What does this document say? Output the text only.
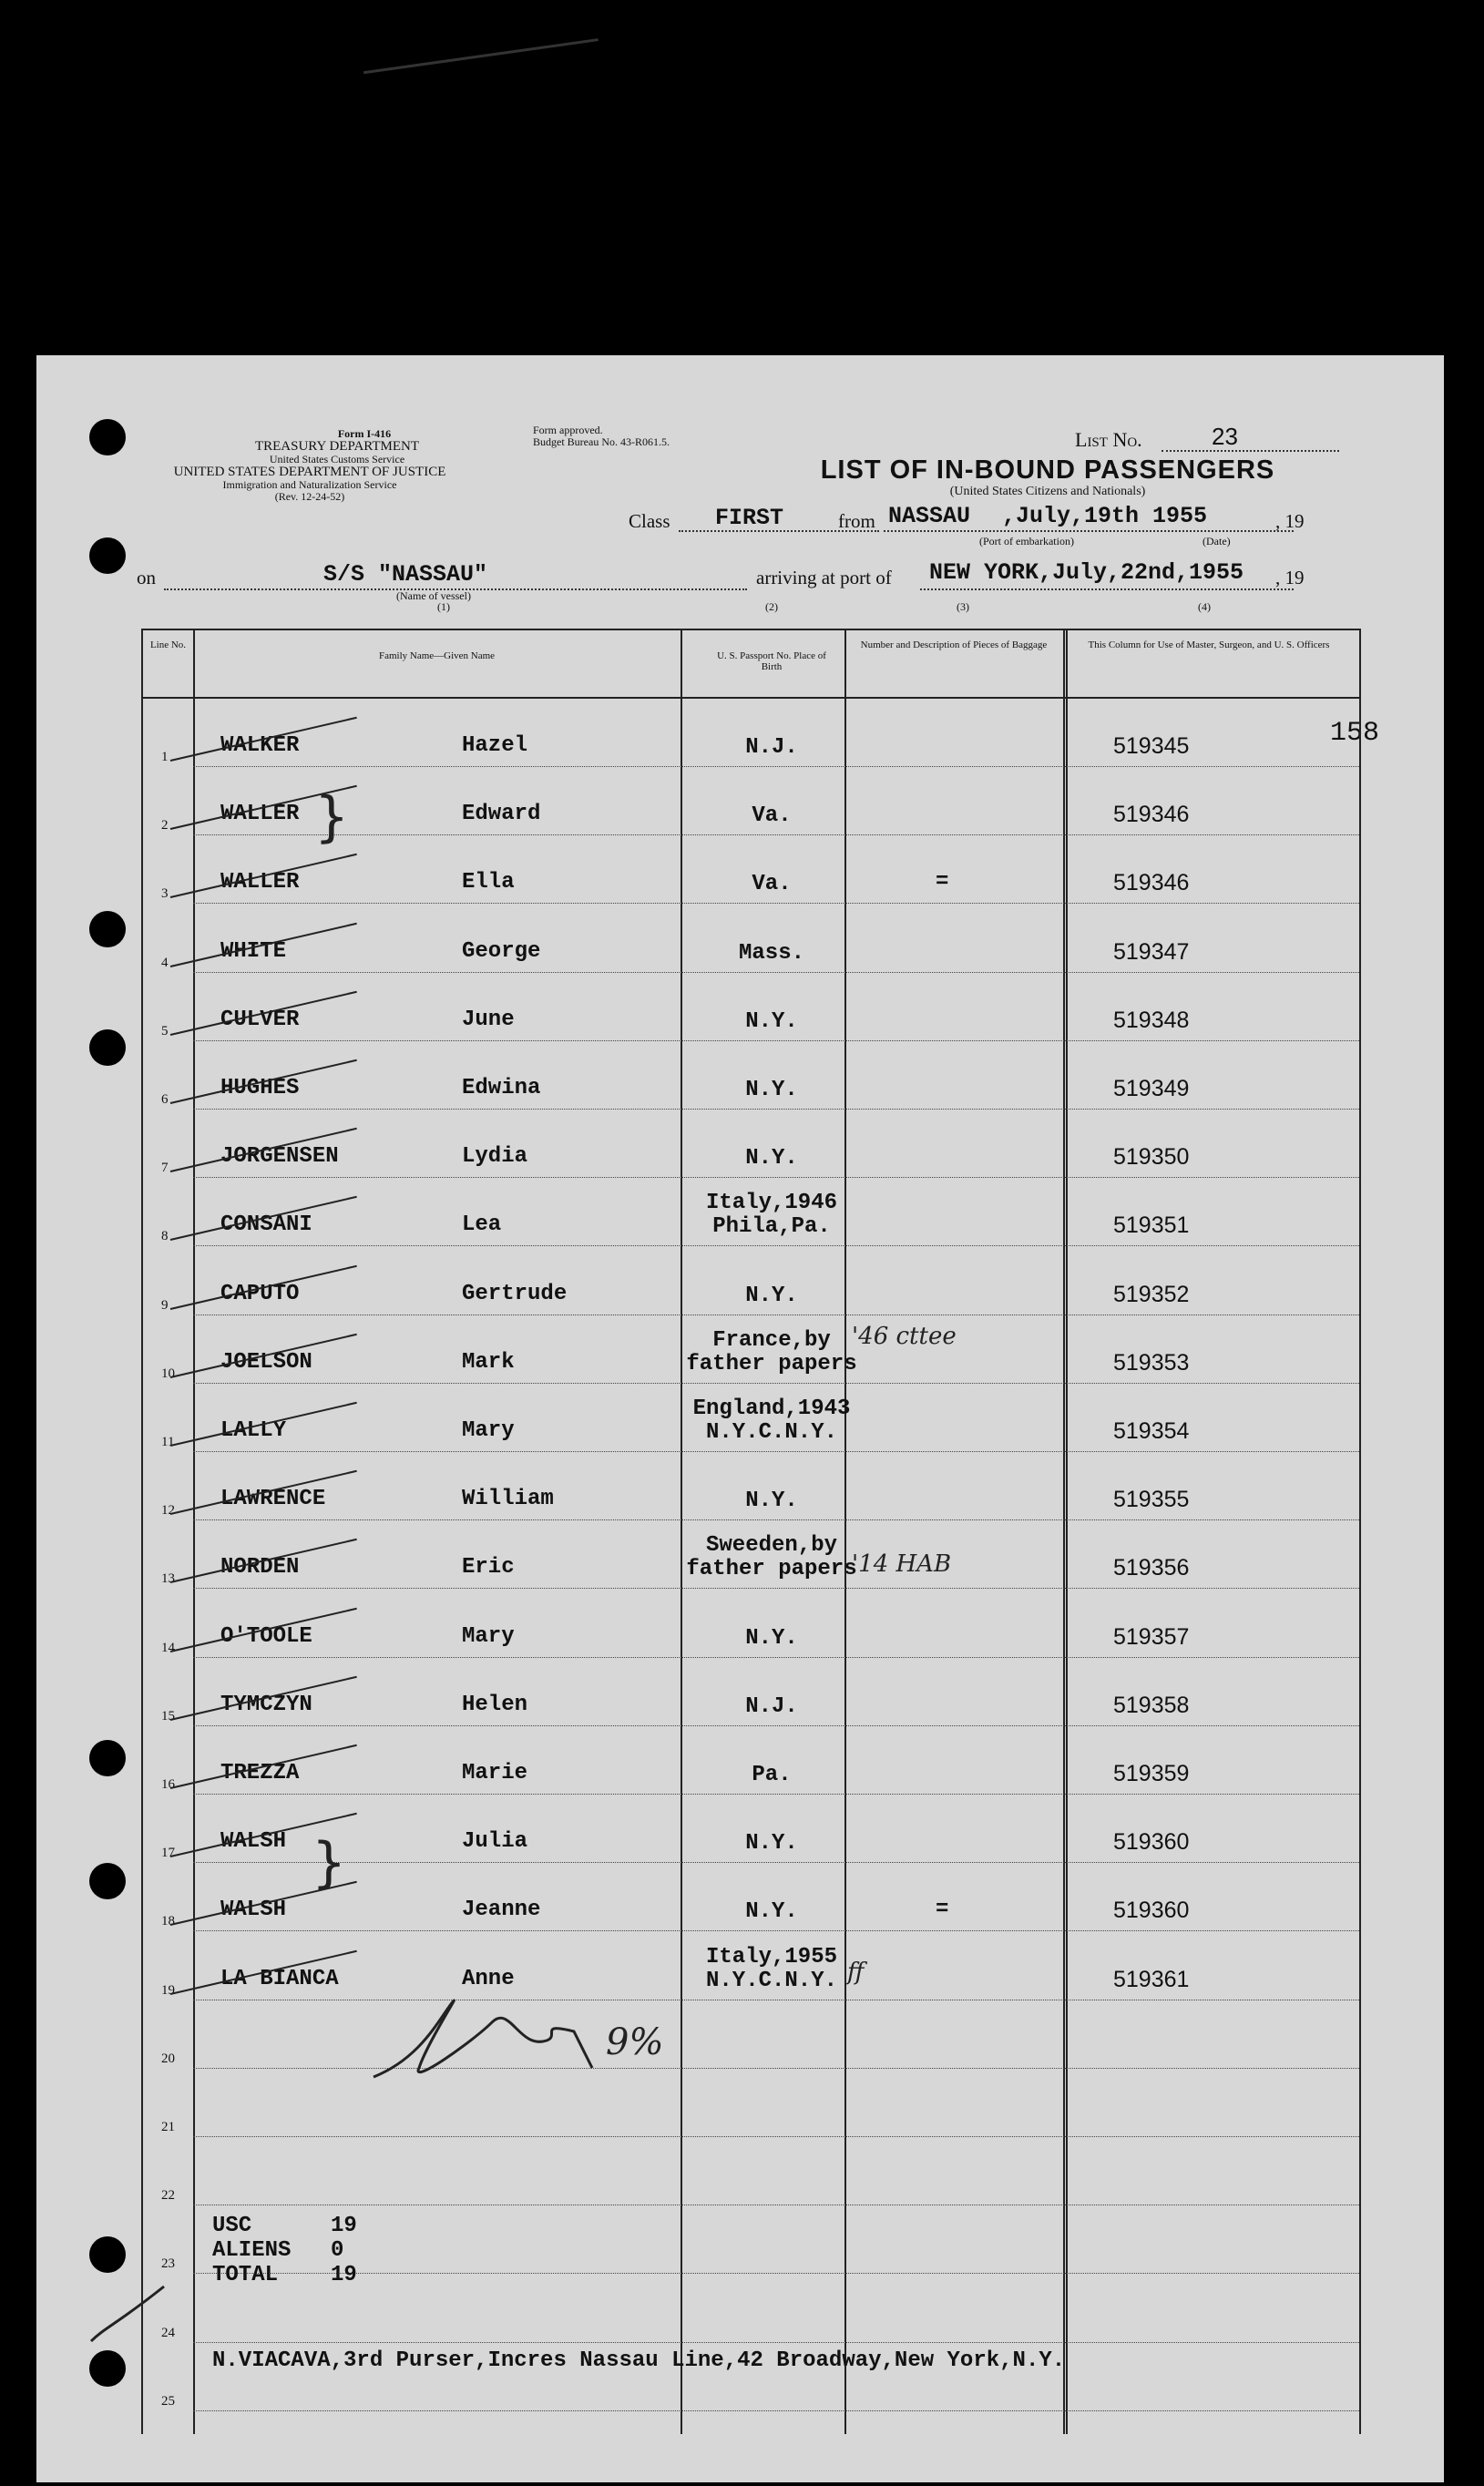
Form I-416
TREASURY DEPARTMENT
United States Customs Service
UNITED STATES DEPARTMENT OF JUSTICE
Immigration and Naturalization Service
(Rev. 12-24-52)
Form approved.
Budget Bureau No. 43-R061.5.	List No.	23
LIST OF IN-BOUND PASSENGERS
(United States Citizens and Nationals)
Class FIRST	from NASSAU ,July,19th 1955	, 19
(Port of embarkation)	(Date)
on	S/S "NASSAU"
(Name of vessel)
(1)
arriving at port of NEW YORK,July,22nd,1955 , 19
(2)	(3)	(4)
158
Line No.
Family Name—Given Name	U. S. Passport No. Place of Birth
Number and Description of Pieces of Baggage	This Column for Use of Master, Surgeon, and U. S. Officers
1 WALKER	Hazel	N.J.	519345
2 WALLER	Edward	Va.	519346
3 WALLER	Ella	Va.	=	519346
4 WHITE	George	Mass.	519347
5 CULVER	June	N.Y.	519348
6 HUGHES	Edwina	N.Y.	519349
7 JORGENSEN	Lydia	N.Y.	519350
8 CONSANI	Lea
Italy,1946
Phila,Pa.	519351
9 CAPUTO	Gertrude	N.Y.	519352
10 JOELSON	Mark
France,by
father papers	519353
11 LALLY	Mary
England,1943
N.Y.C.N.Y.	519354
12 LAWRENCE	William	N.Y.	519355
13 NORDEN	Eric
Sweeden,by
father papers	519356
14 O'TOOLE	Mary	N.Y.	519357
15 TYMCZYN	Helen	N.J.	519358
16 TREZZA	Marie	Pa.	519359
17 WALSH	Julia	N.Y.	519360
18 WALSH	Jeanne	N.Y.	=	519360
19 LA BIANCA	Anne
Italy,1955
N.Y.C.N.Y.	519361
20
21
22
23
24
25
USC	19
ALIENS 0
TOTAL 19
N.VIACAVA,3rd Purser,Incres Nassau Line,42 Broadway,New York,N.Y.
'46 cttee
'14 HAB
ff
}
}
9%
